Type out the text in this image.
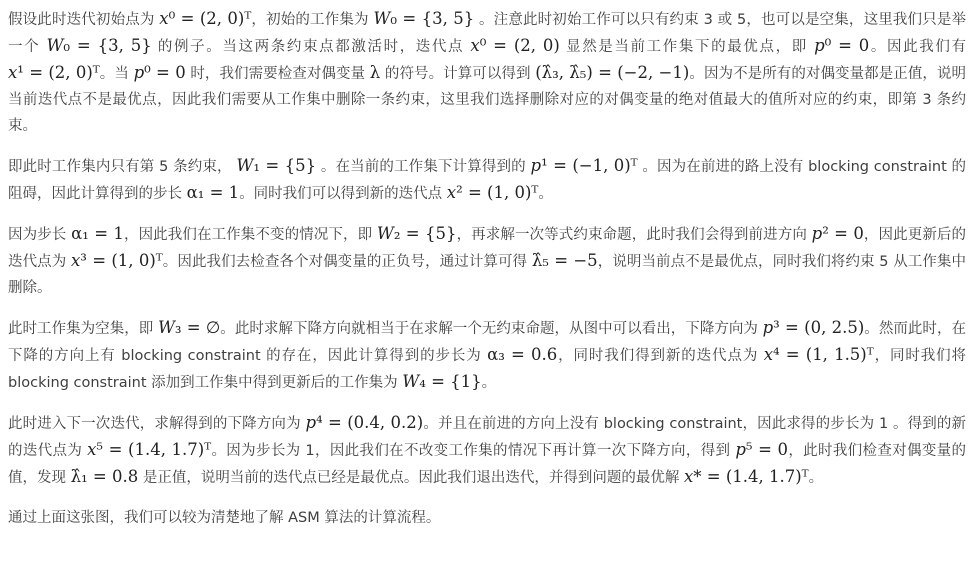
假设此时迭代初始点为 𝑥⁰ = (2, 0)ᵀ，初始的工作集为 𝑊₀ = {3, 5} 。注意此时初始工作可以只有约束 3 或 5，也可以是空集，这里我们只是举一个 𝑊₀ = {3, 5} 的例子。当这两条约束点都激活时，迭代点 𝑥⁰ = (2, 0) 显然是当前工作集下的最优点，即 𝑝⁰ = 0。因此我们有 𝑥¹ = (2, 0)ᵀ。当 𝑝⁰ = 0 时，我们需要检查对偶变量 λ 的符号。计算可以得到 (λ̂₃, λ̂₅) = (−2, −1)。因为不是所有的对偶变量都是正值，说明当前迭代点不是最优点，因此我们需要从工作集中删除一条约束，这里我们选择删除对应的对偶变量的绝对值最大的值所对应的约束，即第 3 条约束。

即此时工作集内只有第 5 条约束， 𝑊₁ = {5} 。在当前的工作集下计算得到的 𝑝¹ = (−1, 0)ᵀ 。因为在前进的路上没有 blocking constraint 的阻碍，因此计算得到的步长 α₁ = 1。同时我们可以得到新的迭代点 𝑥² = (1, 0)ᵀ。

因为步长 α₁ = 1，因此我们在工作集不变的情况下，即 𝑊₂ = {5}，再求解一次等式约束命题，此时我们会得到前进方向 𝑝² = 0，因此更新后的迭代点为 𝑥³ = (1, 0)ᵀ。因此我们去检查各个对偶变量的正负号，通过计算可得 λ̂₅ = −5，说明当前点不是最优点，同时我们将约束 5 从工作集中删除。

此时工作集为空集，即 𝑊₃ = ∅。此时求解下降方向就相当于在求解一个无约束命题，从图中可以看出，下降方向为 𝑝³ = (0, 2.5)。然而此时，在下降的方向上有 blocking constraint 的存在，因此计算得到的步长为 α₃ = 0.6，同时我们得到新的迭代点为 𝑥⁴ = (1, 1.5)ᵀ，同时我们将 blocking constraint 添加到工作集中得到更新后的工作集为 𝑊₄ = {1}。

此时进入下一次迭代，求解得到的下降方向为 𝑝⁴ = (0.4, 0.2)。并且在前进的方向上没有 blocking constraint，因此求得的步长为 1 。得到的新的迭代点为 𝑥⁵ = (1.4, 1.7)ᵀ。因为步长为 1，因此我们在不改变工作集的情况下再计算一次下降方向，得到 𝑝⁵ = 0，此时我们检查对偶变量的值，发现 λ̂₁ = 0.8 是正值，说明当前的迭代点已经是最优点。因此我们退出迭代，并得到问题的最优解 𝑥* = (1.4, 1.7)ᵀ。

通过上面这张图，我们可以较为清楚地了解 ASM 算法的计算流程。
